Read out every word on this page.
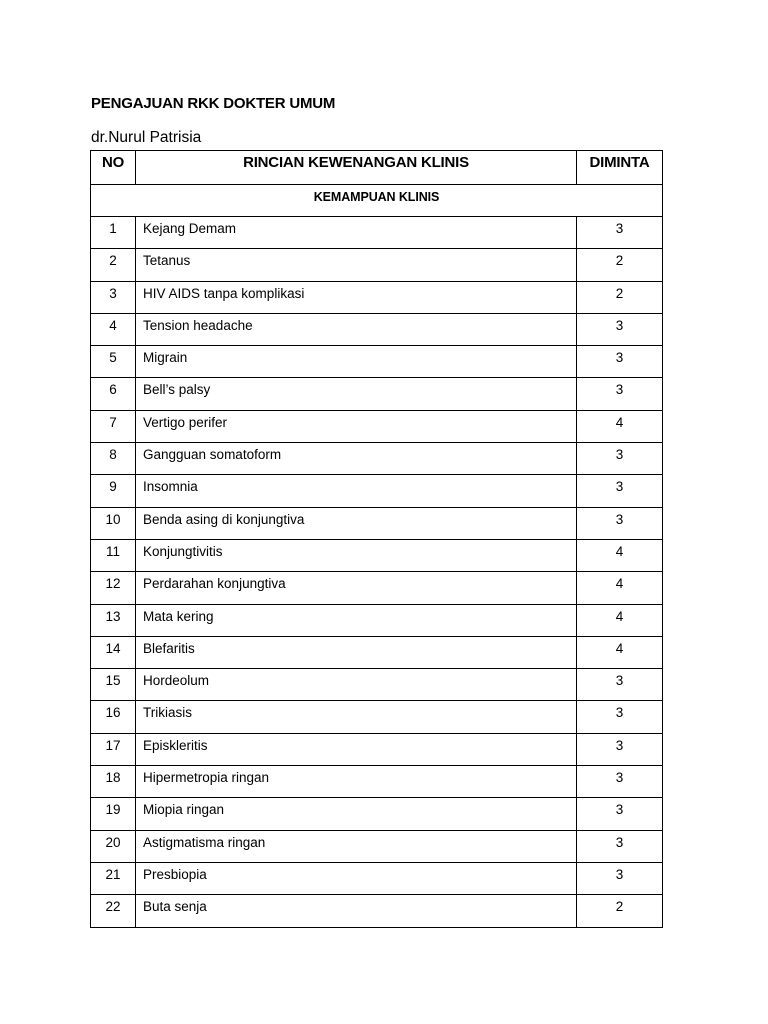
PENGAJUAN RKK DOKTER UMUM
dr.Nurul Patrisia
NO	RINCIAN KEWENANGAN KLINIS	DIMINTA
KEMAMPUAN KLINIS		
1	Kejang Demam	3
2	Tetanus	2
3	HIV AIDS tanpa komplikasi	2
4	Tension headache	3
5	Migrain	3
6	Bell’s palsy	3
7	Vertigo perifer	4
8	Gangguan somatoform	3
9	Insomnia	3
10	Benda asing di konjungtiva	3
11	Konjungtivitis	4
12	Perdarahan konjungtiva	4
13	Mata kering	4
14	Blefaritis	4
15	Hordeolum	3
16	Trikiasis	3
17	Episkleritis	3
18	Hipermetropia ringan	3
19	Miopia ringan	3
20	Astigmatisma ringan	3
21	Presbiopia	3
22	Buta senja	2
